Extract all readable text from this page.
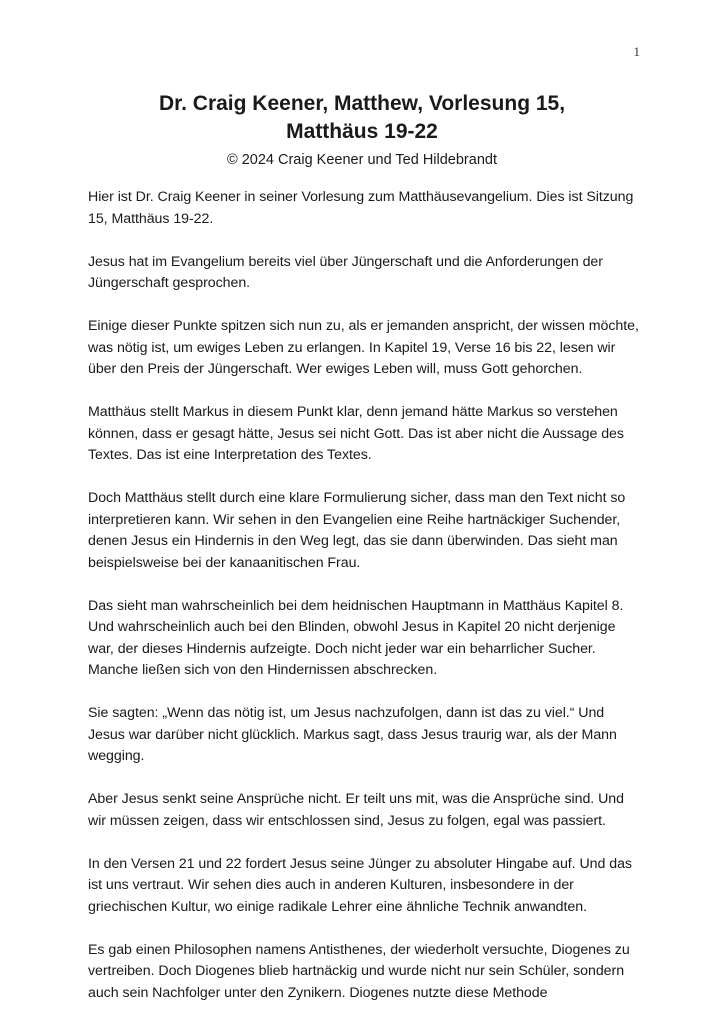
1

Dr. Craig Keener, Matthew, Vorlesung 15,

Matthäus 19-22

© 2024 Craig Keener und Ted Hildebrandt

Hier ist Dr. Craig Keener in seiner Vorlesung zum Matthäusevangelium. Dies ist Sitzung 15, Matthäus 19-22.

Jesus hat im Evangelium bereits viel über Jüngerschaft und die Anforderungen der Jüngerschaft gesprochen.

Einige dieser Punkte spitzen sich nun zu, als er jemanden anspricht, der wissen möchte, was nötig ist, um ewiges Leben zu erlangen. In Kapitel 19, Verse 16 bis 22, lesen wir über den Preis der Jüngerschaft. Wer ewiges Leben will, muss Gott gehorchen.

Matthäus stellt Markus in diesem Punkt klar, denn jemand hätte Markus so verstehen können, dass er gesagt hätte, Jesus sei nicht Gott. Das ist aber nicht die Aussage des Textes. Das ist eine Interpretation des Textes.

Doch Matthäus stellt durch eine klare Formulierung sicher, dass man den Text nicht so interpretieren kann. Wir sehen in den Evangelien eine Reihe hartnäckiger Suchender, denen Jesus ein Hindernis in den Weg legt, das sie dann überwinden. Das sieht man beispielsweise bei der kanaanitischen Frau.

Das sieht man wahrscheinlich bei dem heidnischen Hauptmann in Matthäus Kapitel 8. Und wahrscheinlich auch bei den Blinden, obwohl Jesus in Kapitel 20 nicht derjenige war, der dieses Hindernis aufzeigte. Doch nicht jeder war ein beharrlicher Sucher. Manche ließen sich von den Hindernissen abschrecken.

Sie sagten: „Wenn das nötig ist, um Jesus nachzufolgen, dann ist das zu viel.“ Und Jesus war darüber nicht glücklich. Markus sagt, dass Jesus traurig war, als der Mann wegging.

Aber Jesus senkt seine Ansprüche nicht. Er teilt uns mit, was die Ansprüche sind. Und wir müssen zeigen, dass wir entschlossen sind, Jesus zu folgen, egal was passiert.

In den Versen 21 und 22 fordert Jesus seine Jünger zu absoluter Hingabe auf. Und das ist uns vertraut. Wir sehen dies auch in anderen Kulturen, insbesondere in der griechischen Kultur, wo einige radikale Lehrer eine ähnliche Technik anwandten.

Es gab einen Philosophen namens Antisthenes, der wiederholt versuchte, Diogenes zu vertreiben. Doch Diogenes blieb hartnäckig und wurde nicht nur sein Schüler, sondern auch sein Nachfolger unter den Zynikern. Diogenes nutzte diese Methode
